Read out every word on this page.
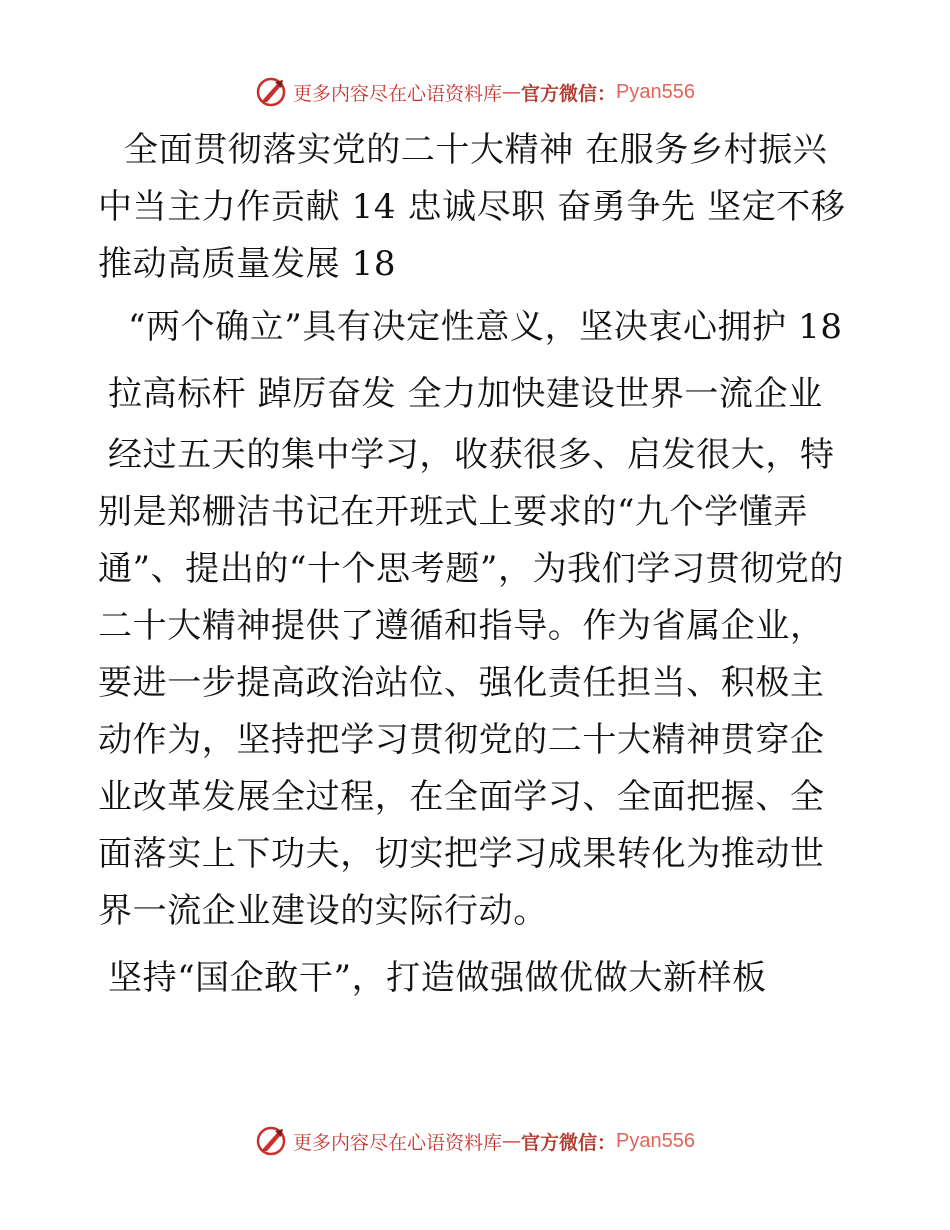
更多内容尽在心语资料库 — 官方微信： Pyan556

全面贯彻落实党的二十大精神 在服务乡村振兴中当主力作贡献 14 忠诚尽职 奋勇争先 坚定不移推动高质量发展 18

“两个确立”具有决定性意义，坚决衷心拥护 18

拉高标杆 踔厉奋发 全力加快建设世界一流企业

经过五天的集中学习，收获很多、启发很大，特别是郑栅洁书记在开班式上要求的“九个学懂弄通”、提出的“十个思考题”，为我们学习贯彻党的二十大精神提供了遵循和指导。作为省属企业，要进一步提高政治站位、强化责任担当、积极主动作为，坚持把学习贯彻党的二十大精神贯穿企业改革发展全过程，在全面学习、全面把握、全面落实上下功夫，切实把学习成果转化为推动世界一流企业建设的实际行动。

坚持“国企敢干”，打造做强做优做大新样板

更多内容尽在心语资料库 — 官方微信： Pyan556
